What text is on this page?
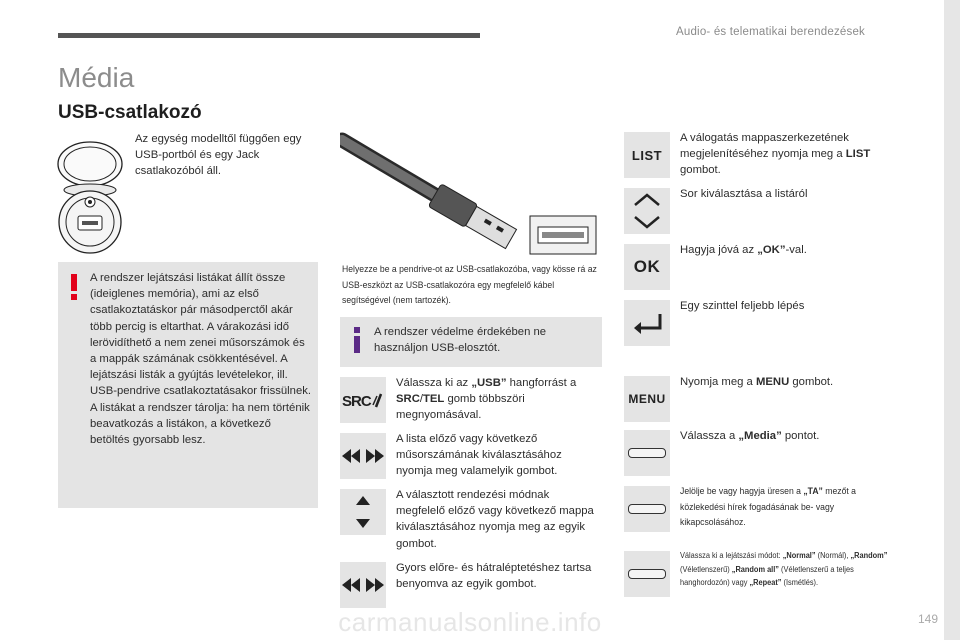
Audio- és telematikai berendezések
Média
USB-csatlakozó
Az egység modelltől függően egy USB-portból és egy Jack csatlakozóból áll.
Helyezze be a pendrive-ot az USB-csatlakozóba, vagy kösse rá az USB-eszközt az USB-csatlakozóra egy megfelelő kábel segítségével (nem tartozék).
A rendszer lejátszási listákat állít össze (ideiglenes memória), ami az első csatlakoztatáskor pár másodperctől akár több percig is eltarthat. A várakozási idő lerövidíthető a nem zenei műsorszámok és a mappák számának csökkentésével. A lejátszási listák a gyújtás levételekor, ill. USB-pendrive csatlakoztatásakor frissülnek. A listákat a rendszer tárolja: ha nem történik beavatkozás a listákon, a következő betöltés gyorsabb lesz.
A rendszer védelme érdekében ne használjon USB-elosztót.
SRC
Válassza ki az „USB” hangforrást a SRC/TEL gomb többszöri megnyomásával.
A lista előző vagy következő műsorszámának kiválasztásához nyomja meg valamelyik gombot.
A választott rendezési módnak megfelelő előző vagy következő mappa kiválasztásához nyomja meg az egyik gombot.
Gyors előre- és hátraléptetéshez tartsa benyomva az egyik gombot.
LIST
A válogatás mappaszerkezetének megjelenítéséhez nyomja meg a LIST gombot.
Sor kiválasztása a listáról
OK
Hagyja jóvá az „OK”-val.
Egy szinttel feljebb lépés
MENU
Nyomja meg a MENU gombot.
Válassza a „Media” pontot.
Jelölje be vagy hagyja üresen a „TA” mezőt a közlekedési hírek fogadásának be- vagy kikapcsolásához.
Válassza ki a lejátszási módot: „Normal” (Normál), „Random” (Véletlenszerű) „Random all” (Véletlenszerű a teljes hanghordozón) vagy „Repeat” (Ismétlés).
carmanualsonline.info	149
